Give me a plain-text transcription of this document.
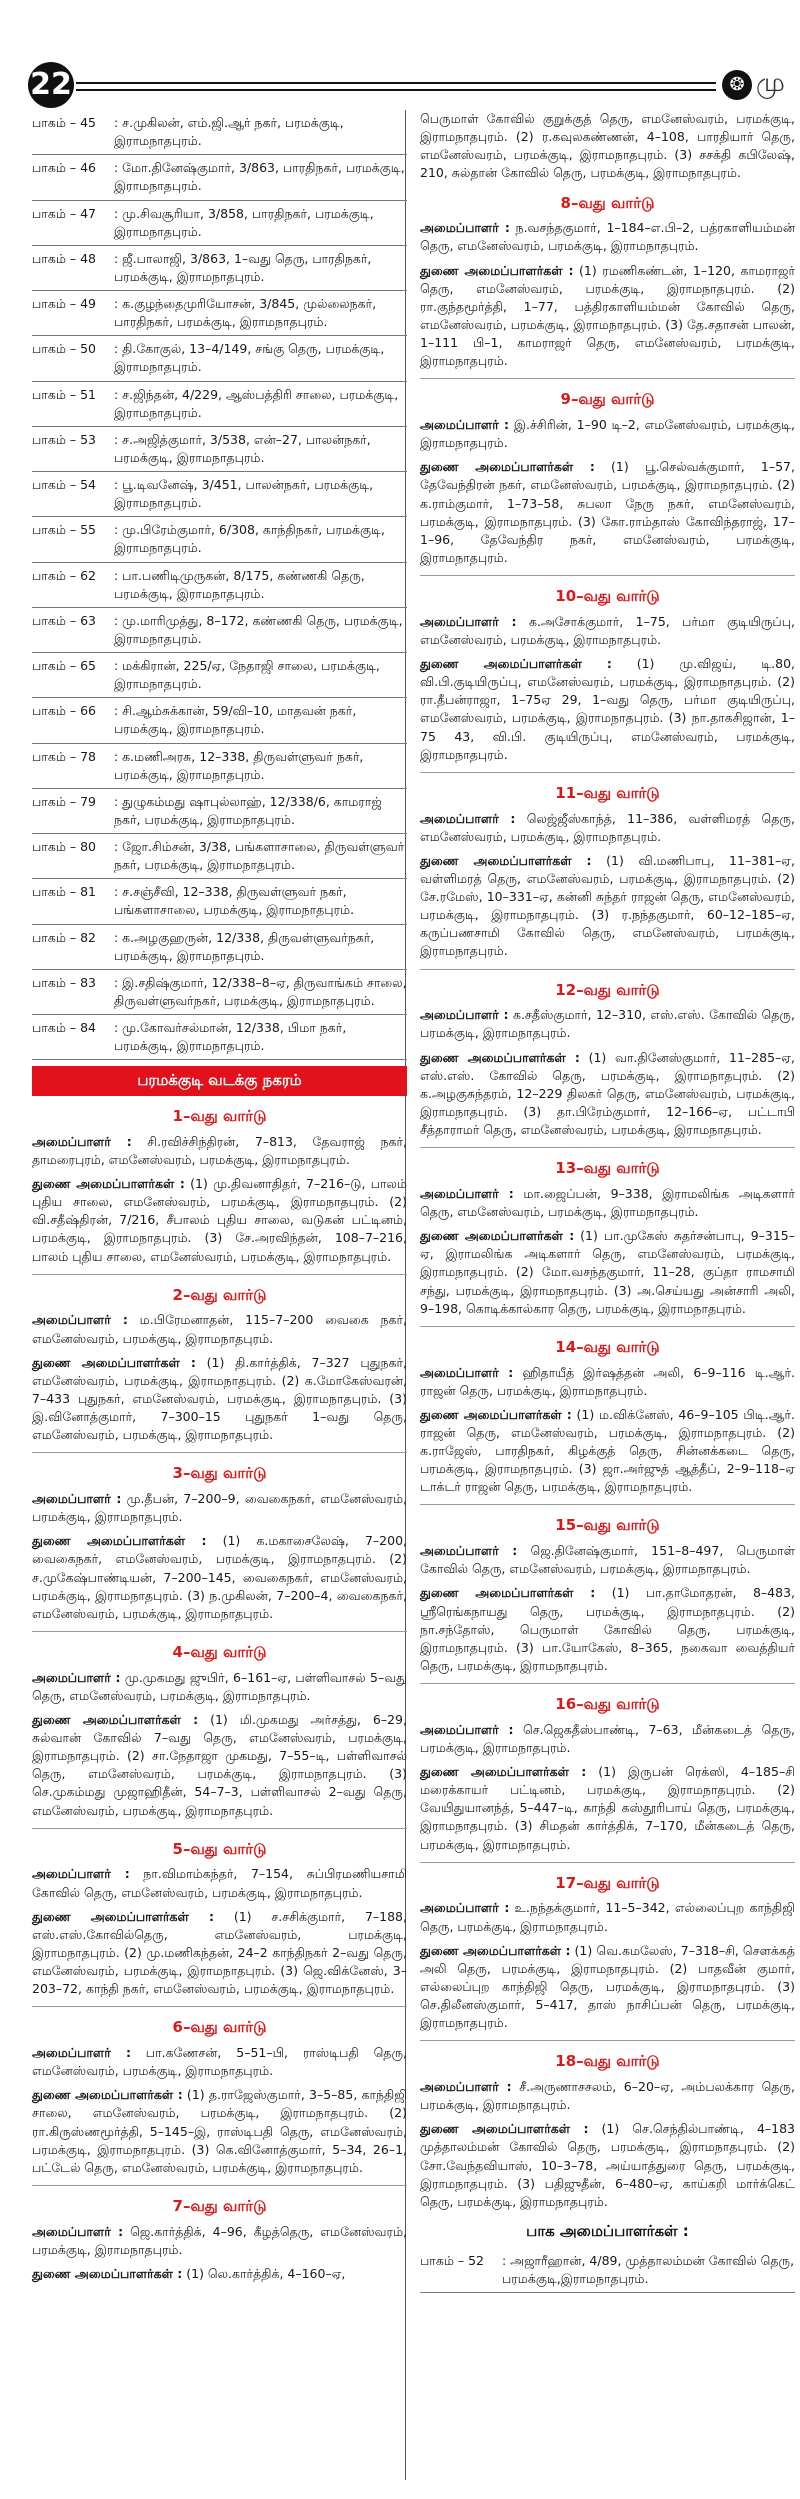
22	❂ மு
பாகம் – 45	: ச.முகிலன், எம்.ஜி.ஆர் நகர், பரமக்குடி, இராமநாதபுரம்.
பாகம் – 46	: மோ.தினேஷ்குமார், 3/863, பாரதிநகர், பரமக்குடி, இராமநாதபுரம்.
பாகம் – 47	: மு.சிவசூரியா, 3/858, பாரதிநகர், பரமக்குடி, இராமநாதபுரம்.
பாகம் – 48	: ஜீ.பாலாஜி, 3/863, 1–வது தெரு, பாரதிநகர், பரமக்குடி, இராமநாதபுரம்.
பாகம் – 49	: க.குழந்தைமுரியோசன், 3/845, முல்லைநகர், பாரதிநகர், பரமக்குடி, இராமநாதபுரம்.
பாகம் – 50	: தி.கோகுல், 13–4/149, சங்கு தெரு, பரமக்குடி, இராமநாதபுரம்.
பாகம் – 51	: ச.ஜிந்தன், 4/229, ஆஸ்பத்திரி சாலை, பரமக்குடி, இராமநாதபுரம்.
பாகம் – 53	: ச.அஜித்குமார், 3/538, என்–27, பாலன்நகர், பரமக்குடி, இராமநாதபுரம்.
பாகம் – 54	: பூ.டிவனேஷ், 3/451, பாலன்நகர், பரமக்குடி, இராமநாதபுரம்.
பாகம் – 55	: மு.பிரேம்குமார், 6/308, காந்திநகர், பரமக்குடி, இராமநாதபுரம்.
பாகம் – 62	: பா.பணிடிமுருகன், 8/175, கண்ணகி தெரு, பரமக்குடி, இராமநாதபுரம்.
பாகம் – 63	: மு.மாரிமுத்து, 8–172, கண்ணகி தெரு, பரமக்குடி, இராமநாதபுரம்.
பாகம் – 65	: மக்கிரான், 225/ஏ, நேதாஜி சாலை, பரமக்குடி, இராமநாதபுரம்.
பாகம் – 66	: சி.ஆம்சுக்கான், 59/வி–10, மாதவன் நகர், பரமக்குடி, இராமநாதபுரம்.
பாகம் – 78	: க.மணிஅரசு, 12–338, திருவள்ளுவர் நகர், பரமக்குடி, இராமநாதபுரம்.
பாகம் – 79	: துழுகம்மது ஷாபுல்லாஹ், 12/338/6, காமராஜ் நகர், பரமக்குடி, இராமநாதபுரம்.
பாகம் – 80	: ஜோ.சிம்சன், 3/38, பங்களாசாலை, திருவள்ளுவர் நகர், பரமக்குடி, இராமநாதபுரம்.
பாகம் – 81	: ச.சஞ்சீவி, 12–338, திருவள்ளுவர் நகர், பங்களாசாலை, பரமக்குடி, இராமநாதபுரம்.
பாகம் – 82	: க.அழகுஹருன், 12/338, திருவள்ளுவர்நகர், பரமக்குடி, இராமநாதபுரம்.
பாகம் – 83	: இ.சதிஷ்குமார், 12/338–8–ஏ, திருவாங்கம் சாலை, திருவள்ளுவர்நகர், பரமக்குடி, இராமநாதபுரம்.
பாகம் – 84	: மு.கோவர்சல்மான், 12/338, பிமா நகர், பரமக்குடி, இராமநாதபுரம்.
பரமக்குடி வடக்கு நகரம்
1–வது வார்டு

அமைப்பாளர் : சி.ரவிச்சிந்திரன், 7–813, தேவராஜ் நகர், தாமரைபுரம், எமனேஸ்வரம், பரமக்குடி, இராமநாதபுரம்.

துணை அமைப்பாளர்கள் : (1) மு.திவனாதிதர், 7–216–டு, பாலம் புதிய சாலை, எமனேஸ்வரம், பரமக்குடி, இராமநாதபுரம். (2) வி.சதீஷ்திரன், 7/216, சீபாலம் புதிய சாலை, வடுகன் பட்டினம், பரமக்குடி, இராமநாதபுரம். (3) சே.அரவிந்தன், 108–7–216, பாலம் புதிய சாலை, எமனேஸ்வரம், பரமக்குடி, இராமநாதபுரம்.

2–வது வார்டு

அமைப்பாளர் : ம.பிரேமனாதன், 115–7–200 வைகை நகர், எமனேஸ்வரம், பரமக்குடி, இராமநாதபுரம்.

துணை அமைப்பாளர்கள் : (1) தி.கார்த்திக், 7–327 புதுநகர், எமனேஸ்வரம், பரமக்குடி, இராமநாதபுரம். (2) க.மோகேஸ்வரன், 7–433 புதுநகர், எமனேஸ்வரம், பரமக்குடி, இராமநாதபுரம். (3) இ.வினோத்குமார், 7–300–15 புதுநகர் 1–வது தெரு, எமனேஸ்வரம், பரமக்குடி, இராமநாதபுரம்.

3–வது வார்டு

அமைப்பாளர் : மு.தீபன், 7–200–9, வைகைநகர், எமனேஸ்வரம், பரமக்குடி, இராமநாதபுரம்.

துணை அமைப்பாளர்கள் : (1) க.மகாசைலேஷ், 7–200, வைகைநகர், எமனேஸ்வரம், பரமக்குடி, இராமநாதபுரம். (2) ச.முகேஷ்பாண்டியன், 7–200–145, வைகைநகர், எமனேஸ்வரம், பரமக்குடி, இராமநாதபுரம். (3) ந.முகிலன், 7–200–4, வைகைநகர், எமனேஸ்வரம், பரமக்குடி, இராமநாதபுரம்.

4–வது வார்டு

அமைப்பாளர் : மு.முகமது ஜுபிர், 6–161–ஏ, பள்ளிவாசல் 5–வது தெரு, எமனேஸ்வரம், பரமக்குடி, இராமநாதபுரம்.

துணை அமைப்பாளர்கள் : (1) மி.முகமது அர்சத்து, 6–29, சுல்வான் கோவில் 7–வது தெரு, எமனேஸ்வரம், பரமக்குடி, இராமநாதபுரம். (2) சா.நேதாஜா முகமது, 7–55–டி, பள்ளிவாசல் தெரு, எமனேஸ்வரம், பரமக்குடி, இராமநாதபுரம். (3) செ.முகம்மது முஜாஹிதீன், 54–7–3, பள்ளிவாசல் 2–வது தெரு, எமனேஸ்வரம், பரமக்குடி, இராமநாதபுரம்.

5–வது வார்டு

அமைப்பாளர் : நா.விமாம்கந்தர், 7–154, சுப்பிரமணியசாமி கோவில் தெரு, எமனேஸ்வரம், பரமக்குடி, இராமநாதபுரம்.

துணை அமைப்பாளர்கள் : (1) ச.சசிக்குமார், 7–188, எஸ்.எஸ்.கோவில்தெரு, எமனேஸ்வரம், பரமக்குடி, இராமநாதபுரம். (2) மு.மணிகந்தன், 24–2 காந்திநகர் 2–வது தெரு, எமனேஸ்வரம், பரமக்குடி, இராமநாதபுரம். (3) ஜெ.விக்னேஸ், 3–203–72, காந்தி நகர், எமனேஸ்வரம், பரமக்குடி, இராமநாதபுரம்.

6–வது வார்டு

அமைப்பாளர் : பா.கணேசன், 5–51–பி, ராஸ்டிபதி தெரு, எமனேஸ்வரம், பரமக்குடி, இராமநாதபுரம்.

துணை அமைப்பாளர்கள் : (1) த.ராஜேஸ்குமார், 3–5–85, காந்திஜி சாலை, எமனேஸ்வரம், பரமக்குடி, இராமநாதபுரம். (2) ரா.கிருஸ்ணமூர்த்தி, 5–145–இ, ராஸ்டிபதி தெரு, எமனேஸ்வரம், பரமக்குடி, இராமநாதபுரம். (3) கெ.வினோத்குமார், 5–34, 26–1, பட்டேல் தெரு, எமனேஸ்வரம், பரமக்குடி, இராமநாதபுரம்.

7–வது வார்டு

அமைப்பாளர் : ஜெ.கார்த்திக், 4–96, கீழத்தெரு, எமனேஸ்வரம், பரமக்குடி, இராமநாதபுரம்.

துணை அமைப்பாளர்கள் : (1) லெ.கார்த்திக், 4–160–ஏ,

பெருமாள் கோவில் குறுக்குத் தெரு, எமனேஸ்வரம், பரமக்குடி, இராமநாதபுரம். (2) ர.கவுலகண்ணன், 4–108, பாரதியார் தெரு, எமனேஸ்வரம், பரமக்குடி, இராமநாதபுரம். (3) சசக்தி கபிலேஷ், 210, சுல்தான் கோவில் தெரு, பரமக்குடி, இராமநாதபுரம்.

8–வது வார்டு

அமைப்பாளர் : ந.வசந்தகுமார், 1–184–எ.பி–2, பத்ரகாளியம்மன் தெரு, எமனேஸ்வரம், பரமக்குடி, இராமநாதபுரம்.

துணை அமைப்பாளர்கள் : (1) ரமணிகண்டன், 1–120, காமராஜர் தெரு, எமனேஸ்வரம், பரமக்குடி, இராமநாதபுரம். (2) ரா.குந்தமூர்த்தி, 1–77, பத்திரகாளியம்மன் கோவில் தெரு, எமனேஸ்வரம், பரமக்குடி, இராமநாதபுரம். (3) தே.சதாசன் பாலன், 1–111 பி–1, காமராஜர் தெரு, எமனேஸ்வரம், பரமக்குடி, இராமநாதபுரம்.

9–வது வார்டு

அமைப்பாளர் : இ.ச்சிரின், 1–90 டி–2, எமனேஸ்வரம், பரமக்குடி, இராமநாதபுரம்.

துணை அமைப்பாளர்கள் : (1) பூ.செல்வக்குமார், 1–57, தேவேந்திரன் நகர், எமனேஸ்வரம், பரமக்குடி, இராமநாதபுரம். (2) க.ராம்குமார், 1–73–58, சுபலா நேரு நகர், எமனேஸ்வரம், பரமக்குடி, இராமநாதபுரம். (3) கோ.ராம்தாஸ் கோவிந்தராஜ், 17–1–96, தேவேந்திர நகர், எமனேஸ்வரம், பரமக்குடி, இராமநாதபுரம்.

10–வது வார்டு

அமைப்பாளர் : க.அசோக்குமார், 1–75, பர்மா குடியிருப்பு, எமனேஸ்வரம், பரமக்குடி, இராமநாதபுரம்.

துணை அமைப்பாளர்கள் : (1) மு.விஜய், டி.80, வி.பி.குடியிருப்பு, எமனேஸ்வரம், பரமக்குடி, இராமநாதபுரம். (2) ரா.தீபன்ராஜா, 1–75ஏ 29, 1–வது தெரு, பர்மா குடியிருப்பு, எமனேஸ்வரம், பரமக்குடி, இராமநாதபுரம். (3) நா.தாகசிஜான், 1–75 43, வி.பி. குடியிருப்பு, எமனேஸ்வரம், பரமக்குடி, இராமநாதபுரம்.

11–வது வார்டு

அமைப்பாளர் : லெஜ்ஜீஸ்காந்த், 11–386, வள்ளிமரத் தெரு, எமனேஸ்வரம், பரமக்குடி, இராமநாதபுரம்.

துணை அமைப்பாளர்கள் : (1) வி.மணிபாபு, 11–381–ஏ, வள்ளிமரத் தெரு, எமனேஸ்வரம், பரமக்குடி, இராமநாதபுரம். (2) சே.ரமேஸ், 10–331–ஏ, கன்னி சுந்தர் ராஜன் தெரு, எமனேஸ்வரம், பரமக்குடி, இராமநாதபுரம். (3) ர.நந்தகுமார், 60–12–185–ஏ, கருப்பணசாமி கோவில் தெரு, எமனேஸ்வரம், பரமக்குடி, இராமநாதபுரம்.

12–வது வார்டு

அமைப்பாளர் : க.சதீஸ்குமார், 12–310, எஸ்.எஸ். கோவில் தெரு, பரமக்குடி, இராமநாதபுரம்.

துணை அமைப்பாளர்கள் : (1) வா.தினேஸ்குமார், 11–285–ஏ, எஸ்.எஸ். கோவில் தெரு, பரமக்குடி, இராமநாதபுரம். (2) க.அழகுசுந்தரம், 12–229 திலகர் தெரு, எமனேஸ்வரம், பரமக்குடி, இராமநாதபுரம். (3) தா.பிரேம்குமார், 12–166–ஏ, பட்டாபி சீத்தாராமர் தெரு, எமனேஸ்வரம், பரமக்குடி, இராமநாதபுரம்.

13–வது வார்டு

அமைப்பாளர் : மா.ஜைப்பன், 9–338, இராமலிங்க அடிகளார் தெரு, எமனேஸ்வரம், பரமக்குடி, இராமநாதபுரம்.

துணை அமைப்பாளர்கள் : (1) பா.முகேஸ் சுதர்சன்பாபு, 9–315–ஏ, இராமலிங்க அடிகளார் தெரு, எமனேஸ்வரம், பரமக்குடி, இராமநாதபுரம். (2) மோ.வசந்தகுமார், 11–28, குப்தா ராமசாமி சந்து, பரமக்குடி, இராமநாதபுரம். (3) அ.செய்யது அன்சாரி அலி, 9–198, கொடிக்கால்கார தெரு, பரமக்குடி, இராமநாதபுரம்.

14–வது வார்டு

அமைப்பாளர் : ஹிதாயீத் இர்ஷத்தன் அலி, 6–9–116 டி.ஆர். ராஜன் தெரு, பரமக்குடி, இராமநாதபுரம்.

துணை அமைப்பாளர்கள் : (1) ம.விக்னேஸ், 46–9–105 பிடி.ஆர். ராஜன் தெரு, எமனேஸ்வரம், பரமக்குடி, இராமநாதபுரம். (2) க.ராஜேஸ், பாரதிநகர், கிழக்குத் தெரு, சின்னக்கடை தெரு, பரமக்குடி, இராமநாதபுரம். (3) ஜா.அர்ஜுத் ஆத்தீப், 2–9–118–ஏ டாக்டர் ராஜன் தெரு, பரமக்குடி, இராமநாதபுரம்.

15–வது வார்டு

அமைப்பாளர் : ஜெ.தினேஷ்குமார், 151–8–497, பெருமாள் கோவில் தெரு, எமனேஸ்வரம், பரமக்குடி, இராமநாதபுரம்.

துணை அமைப்பாளர்கள் : (1) பா.தாமோதரன், 8–483, ஸ்ரீரெங்கநாயது தெரு, பரமக்குடி, இராமநாதபுரம். (2) நா.சந்தோஸ், பெருமாள் கோவில் தெரு, பரமக்குடி, இராமநாதபுரம். (3) பா.யோகேஸ், 8–365, நகைவா வைத்தியர் தெரு, பரமக்குடி, இராமநாதபுரம்.

16–வது வார்டு

அமைப்பாளர் : செ.ஜெகதீஸ்பாண்டி, 7–63, மீன்கடைத் தெரு, பரமக்குடி, இராமநாதபுரம்.

துணை அமைப்பாளர்கள் : (1) இருபன் ரெக்ஸி, 4–185–சி மரைக்காயர் பட்டினம், பரமக்குடி, இராமநாதபுரம். (2) வேயிதுயானந்த், 5–447–டி, காந்தி கஸ்தூரிபாய் தெரு, பரமக்குடி, இராமநாதபுரம். (3) சிமதன் கார்த்திக், 7–170, மீன்கடைத் தெரு, பரமக்குடி, இராமநாதபுரம்.

17–வது வார்டு

அமைப்பாளர் : உ.நந்தக்குமார், 11–5–342, எல்லைப்புற காந்திஜி தெரு, பரமக்குடி, இராமநாதபுரம்.

துணை அமைப்பாளர்கள் : (1) வெ.கமலேஸ், 7–318–சி, சௌக்கத் அலி தெரு, பரமக்குடி, இராமநாதபுரம். (2) பாதவீன் குமார், எல்லைப்புற காந்திஜி தெரு, பரமக்குடி, இராமநாதபுரம். (3) செ.திலீனஸ்குமார், 5–417, தாஸ் நாசிப்பன் தெரு, பரமக்குடி, இராமநாதபுரம்.

18–வது வார்டு

அமைப்பாளர் : சீ.அருணாசசலம், 6–20–ஏ, அம்பலக்கார தெரு, பரமக்குடி, இராமநாதபுரம்.

துணை அமைப்பாளர்கள் : (1) செ.செந்தில்பாண்டி, 4–183 முத்தாலம்மன் கோவில் தெரு, பரமக்குடி, இராமநாதபுரம். (2) சோ.வேந்தவியாஸ், 10–3–78, அய்யாத்துரை தெரு, பரமக்குடி, இராமநாதபுரம். (3) பதிஜுதீன், 6–480–ஏ, காய்கறி மார்க்கெட் தெரு, பரமக்குடி, இராமநாதபுரம்.

பாக அமைப்பாளர்கள் :
பாகம் – 52	: அஜாரீஹான், 4/89, முத்தாலம்மன் கோவில் தெரு, பரமக்குடி,இராமநாதபுரம்.
